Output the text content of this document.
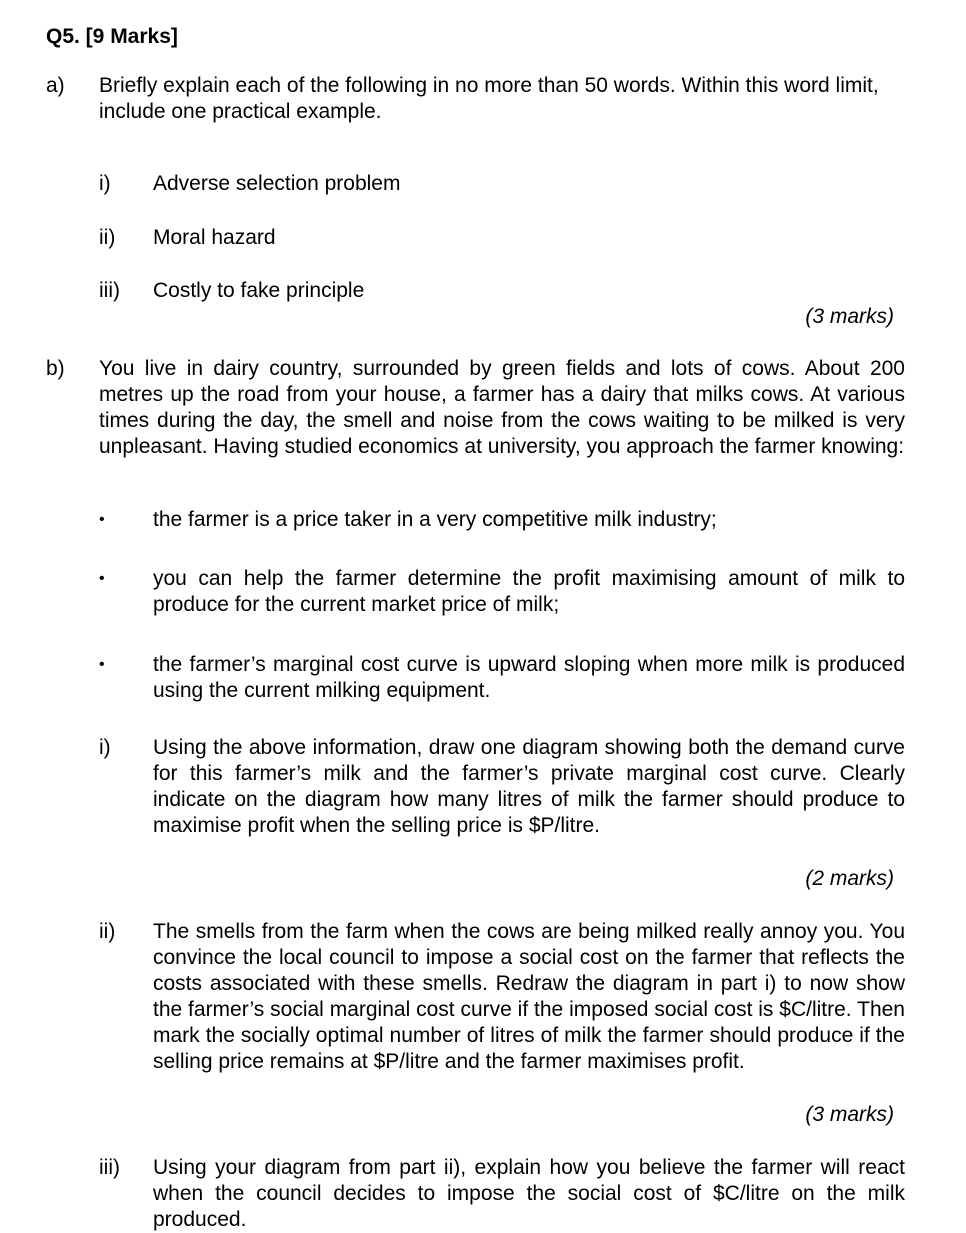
Q5. [9 Marks]
a) Briefly explain each of the following in no more than 50 words. Within this word limit, include one practical example.
i) Adverse selection problem
ii) Moral hazard
iii) Costly to fake principle
(3 marks)
b) You live in dairy country, surrounded by green fields and lots of cows. About 200 metres up the road from your house, a farmer has a dairy that milks cows. At various times during the day, the smell and noise from the cows waiting to be milked is very unpleasant. Having studied economics at university, you approach the farmer knowing:
• the farmer is a price taker in a very competitive milk industry;
• you can help the farmer determine the profit maximising amount of milk to produce for the current market price of milk;
• the farmer’s marginal cost curve is upward sloping when more milk is produced using the current milking equipment.
i) Using the above information, draw one diagram showing both the demand curve for this farmer’s milk and the farmer’s private marginal cost curve. Clearly indicate on the diagram how many litres of milk the farmer should produce to maximise profit when the selling price is $P/litre.
(2 marks)
ii) The smells from the farm when the cows are being milked really annoy you. You convince the local council to impose a social cost on the farmer that reflects the costs associated with these smells. Redraw the diagram in part i) to now show the farmer’s social marginal cost curve if the imposed social cost is $C/litre. Then mark the socially optimal number of litres of milk the farmer should produce if the selling price remains at $P/litre and the farmer maximises profit.
(3 marks)
iii) Using your diagram from part ii), explain how you believe the farmer will react when the council decides to impose the social cost of $C/litre on the milk produced.
